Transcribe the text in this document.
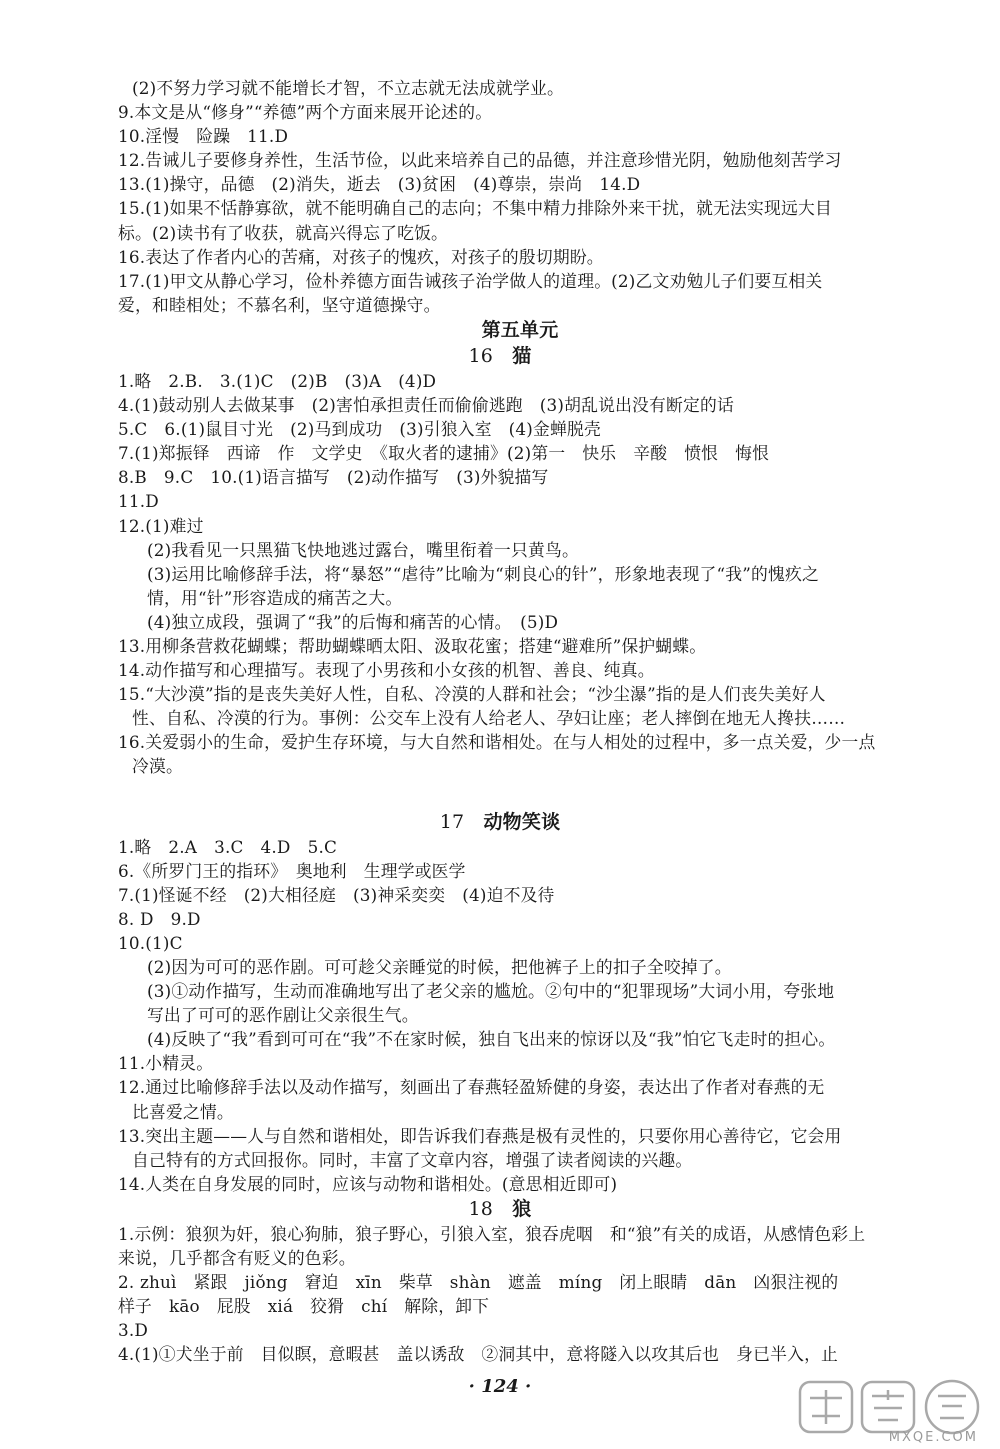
(2)不努力学习就不能增长才智，不立志就无法成就学业。
9.本文是从“修身”“养德”两个方面来展开论述的。
10.淫慢　险躁　11.D
12.告诫儿子要修身养性，生活节俭，以此来培养自己的品德，并注意珍惜光阴，勉励他刻苦学习
13.(1)操守，品德　(2)消失，逝去　(3)贫困　(4)尊崇，崇尚　14.D
15.(1)如果不恬静寡欲，就不能明确自己的志向；不集中精力排除外来干扰，就无法实现远大目
标。(2)读书有了收获，就高兴得忘了吃饭。
16.表达了作者内心的苦痛，对孩子的愧疚，对孩子的殷切期盼。
17.(1)甲文从静心学习，俭朴养德方面告诫孩子治学做人的道理。(2)乙文劝勉儿子们要互相关
爱，和睦相处；不慕名利，坚守道德操守。
第五单元
16　 猫
1.略　2.B.　3.(1)C　(2)B　(3)A　(4)D
4.(1)鼓动别人去做某事　(2)害怕承担责任而偷偷逃跑　(3)胡乱说出没有断定的话
5.C　6.(1)鼠目寸光　(2)马到成功　(3)引狼入室　(4)金蝉脱壳
7.(1)郑振铎　西谛　作　文学史　《取火者的逮捕》(2)第一　快乐　辛酸　愤恨　悔恨
8.B　9.C　10.(1)语言描写　(2)动作描写　(3)外貌描写
11.D
12.(1)难过
(2)我看见一只黑猫飞快地逃过露台，嘴里衔着一只黄鸟。
(3)运用比喻修辞手法，将“暴怒”“虐待”比喻为“刺良心的针”，形象地表现了“我”的愧疚之
情，用“针”形容造成的痛苦之大。
(4)独立成段，强调了“我”的后悔和痛苦的心情。　(5)D
13.用柳条营救花蝴蝶；帮助蝴蝶晒太阳、汲取花蜜；搭建“避难所”保护蝴蝶。
14.动作描写和心理描写。表现了小男孩和小女孩的机智、善良、纯真。
15.“大沙漠”指的是丧失美好人性，自私、冷漠的人群和社会；“沙尘瀑”指的是人们丧失美好人
性、自私、冷漠的行为。事例：公交车上没有人给老人、孕妇让座；老人摔倒在地无人搀扶……
16.关爱弱小的生命，爱护生存环境，与大自然和谐相处。在与人相处的过程中，多一点关爱，少一点
冷漠。
17　 动物笑谈
1.略　2.A　3.C　4.D　5.C
6.《所罗门王的指环》　奥地利　生理学或医学
7.(1)怪诞不经　(2)大相径庭　(3)神采奕奕　(4)迫不及待
8. D　9.D
10.(1)C
(2)因为可可的恶作剧。可可趁父亲睡觉的时候，把他裤子上的扣子全咬掉了。
(3)①动作描写，生动而准确地写出了老父亲的尴尬。②句中的“犯罪现场”大词小用，夸张地
写出了可可的恶作剧让父亲很生气。
(4)反映了“我”看到可可在“我”不在家时候，独自飞出来的惊讶以及“我”怕它飞走时的担心。
11.小精灵。
12.通过比喻修辞手法以及动作描写，刻画出了春燕轻盈矫健的身姿，表达出了作者对春燕的无
比喜爱之情。
13.突出主题——人与自然和谐相处，即告诉我们春燕是极有灵性的，只要你用心善待它，它会用
自己特有的方式回报你。同时，丰富了文章内容，增强了读者阅读的兴趣。
14.人类在自身发展的同时，应该与动物和谐相处。(意思相近即可)
18　 狼
1.示例：狼狈为奸，狼心狗肺，狼子野心，引狼入室，狼吞虎咽　和“狼”有关的成语，从感情色彩上
来说，几乎都含有贬义的色彩。
2. zhuì　紧跟　jiǒng　窘迫　xīn　柴草　shàn　遮盖　míng　闭上眼睛　dān　凶狠注视的
样子　kāo　屁股　xiá　狡猾　chí　解除，卸下
3.D
4.(1)①犬坐于前　目似瞑，意暇甚　盖以诱敌　②洞其中，意将隧入以攻其后也　身已半入，止
· 124 ·
MXQE.COM
